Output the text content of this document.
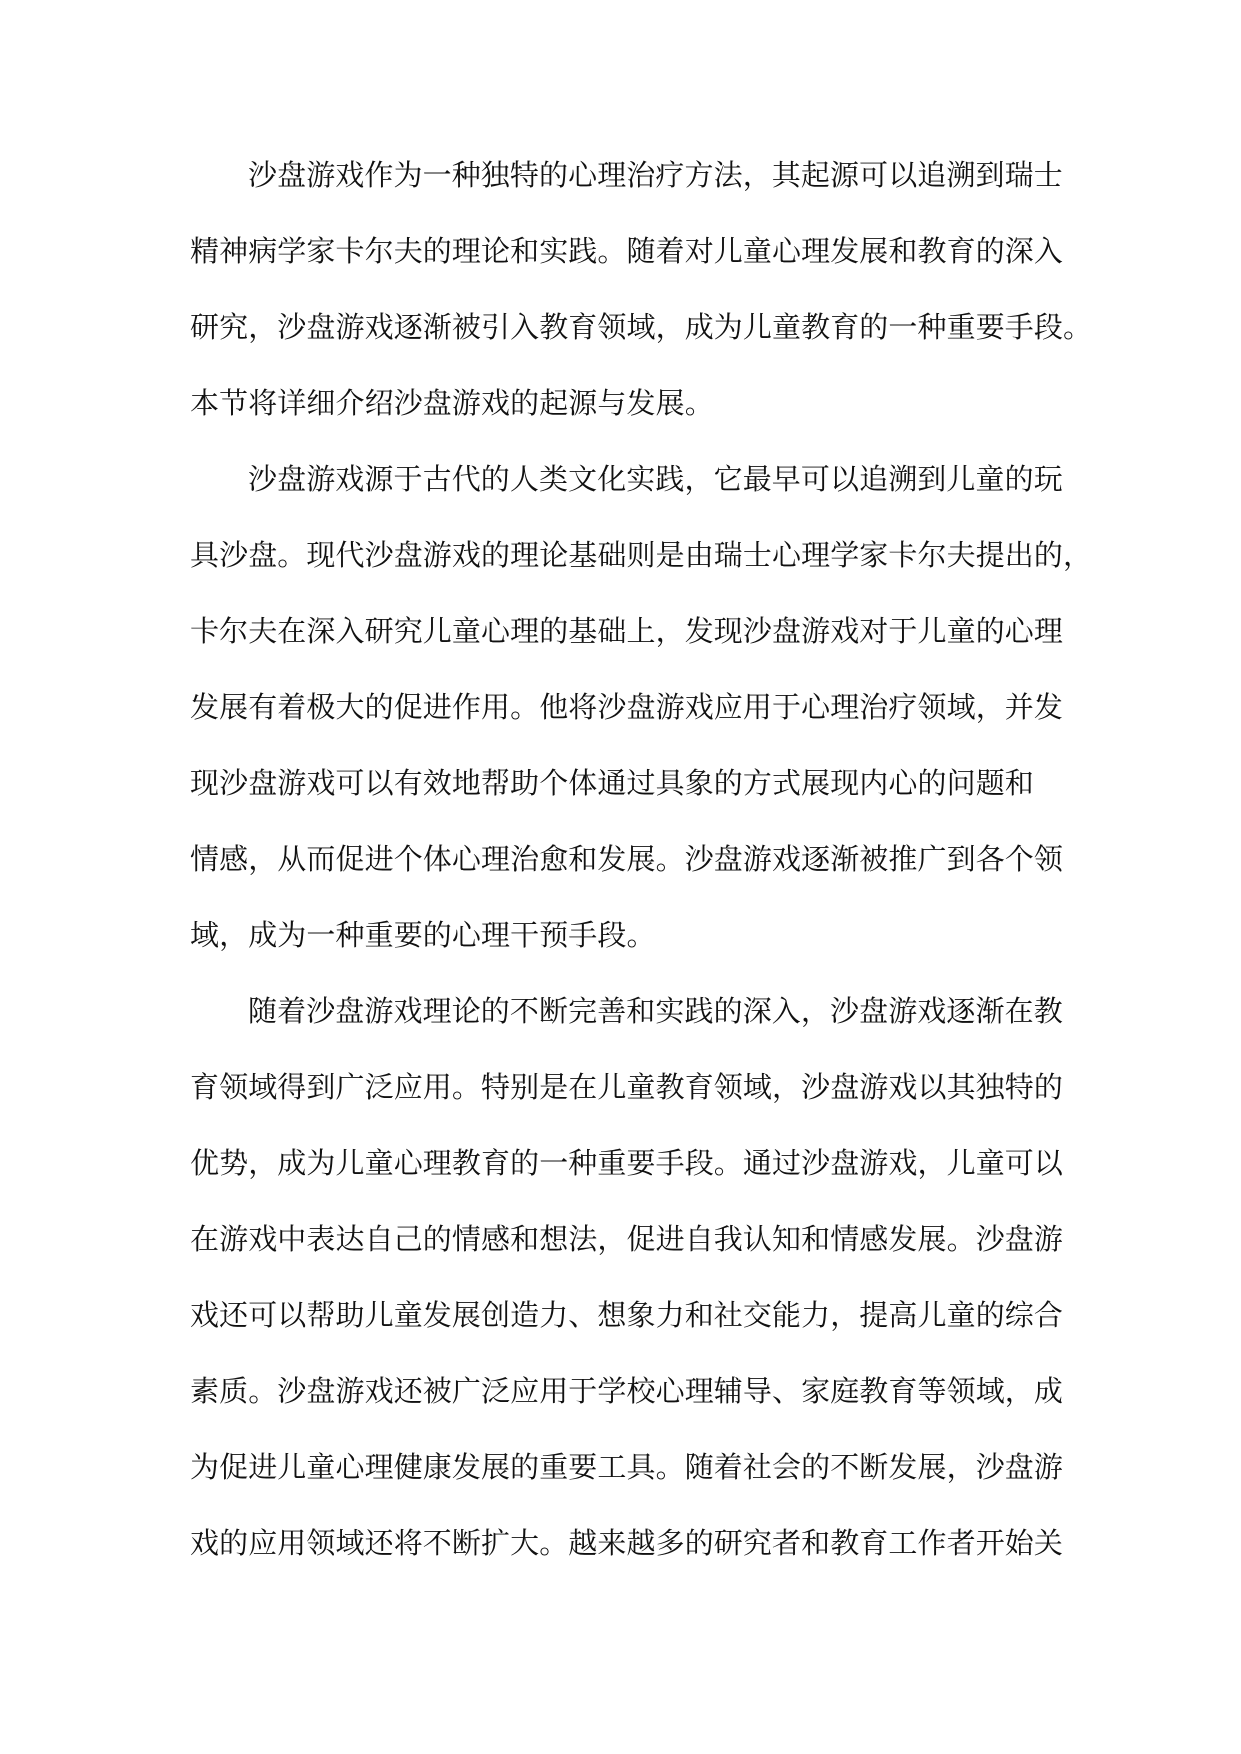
沙盘游戏作为一种独特的心理治疗方法，其起源可以追溯到瑞士
精神病学家卡尔夫的理论和实践。随着对儿童心理发展和教育的深入
研究，沙盘游戏逐渐被引入教育领域，成为儿童教育的一种重要手段。
本节将详细介绍沙盘游戏的起源与发展。
沙盘游戏源于古代的人类文化实践，它最早可以追溯到儿童的玩
具沙盘。现代沙盘游戏的理论基础则是由瑞士心理学家卡尔夫提出的，
卡尔夫在深入研究儿童心理的基础上，发现沙盘游戏对于儿童的心理
发展有着极大的促进作用。他将沙盘游戏应用于心理治疗领域，并发
现沙盘游戏可以有效地帮助个体通过具象的方式展现内心的问题和
情感，从而促进个体心理治愈和发展。沙盘游戏逐渐被推广到各个领
域，成为一种重要的心理干预手段。
随着沙盘游戏理论的不断完善和实践的深入，沙盘游戏逐渐在教
育领域得到广泛应用。特别是在儿童教育领域，沙盘游戏以其独特的
优势，成为儿童心理教育的一种重要手段。通过沙盘游戏，儿童可以
在游戏中表达自己的情感和想法，促进自我认知和情感发展。沙盘游
戏还可以帮助儿童发展创造力、想象力和社交能力，提高儿童的综合
素质。沙盘游戏还被广泛应用于学校心理辅导、家庭教育等领域，成
为促进儿童心理健康发展的重要工具。随着社会的不断发展，沙盘游
戏的应用领域还将不断扩大。越来越多的研究者和教育工作者开始关
